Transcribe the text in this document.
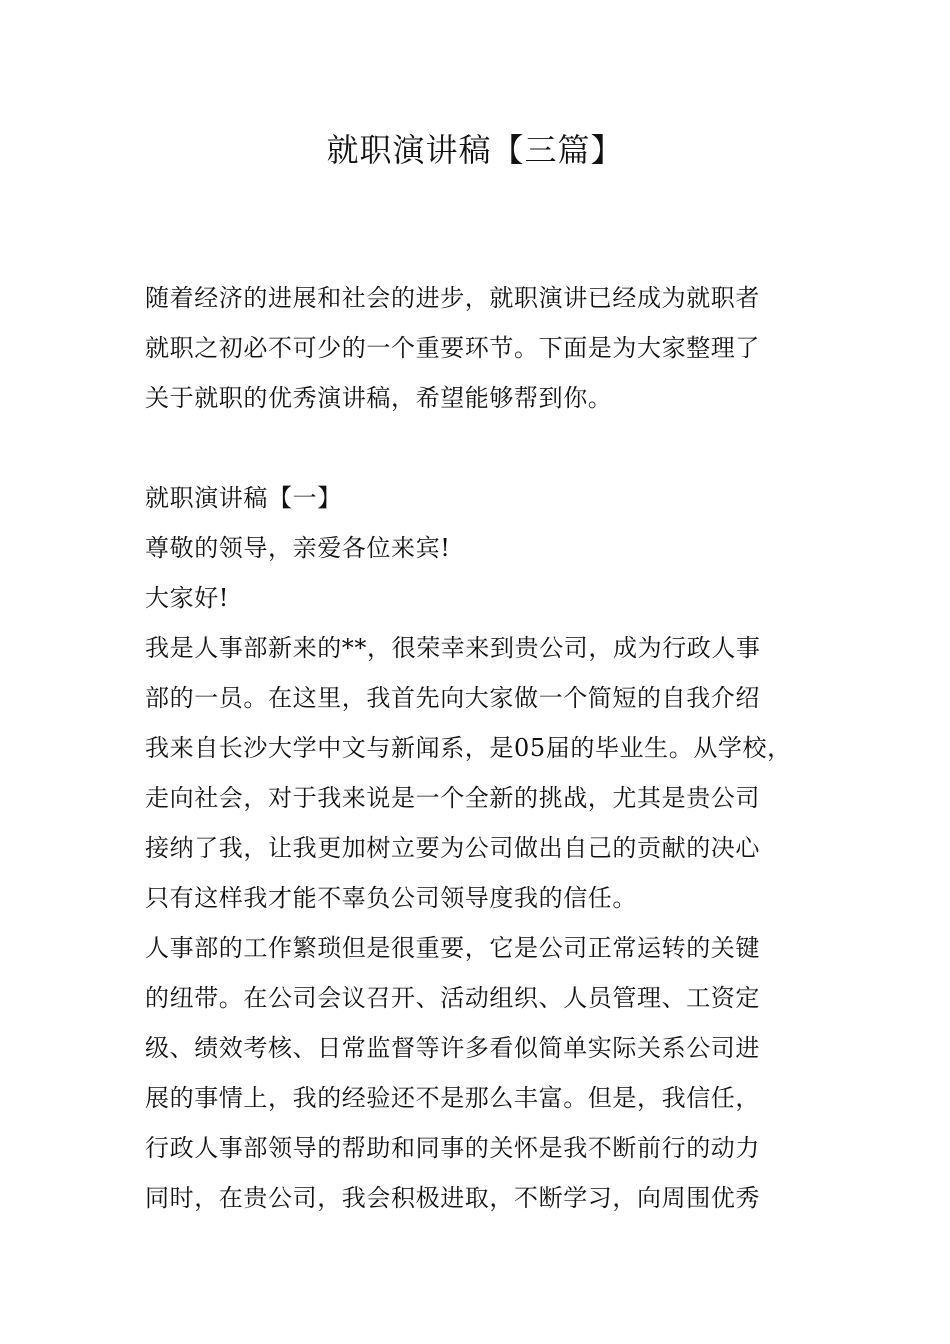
就职演讲稿【三篇】

随着经济的进展和社会的进步，就职演讲已经成为就职者

就职之初必不可少的一个重要环节。下面是为大家整理了

关于就职的优秀演讲稿，希望能够帮到你。

就职演讲稿【一】

尊敬的领导，亲爱各位来宾!

大家好!

我是人事部新来的**，很荣幸来到贵公司，成为行政人事

部的一员。在这里，我首先向大家做一个简短的自我介绍

我来自长沙大学中文与新闻系，是05届的毕业生。从学校，

走向社会，对于我来说是一个全新的挑战，尤其是贵公司

接纳了我，让我更加树立要为公司做出自己的贡献的决心

只有这样我才能不辜负公司领导度我的信任。

人事部的工作繁琐但是很重要，它是公司正常运转的关键

的纽带。在公司会议召开、活动组织、人员管理、工资定

级、绩效考核、日常监督等许多看似简单实际关系公司进

展的事情上，我的经验还不是那么丰富。但是，我信任，

行政人事部领导的帮助和同事的关怀是我不断前行的动力

同时，在贵公司，我会积极进取，不断学习，向周围优秀
